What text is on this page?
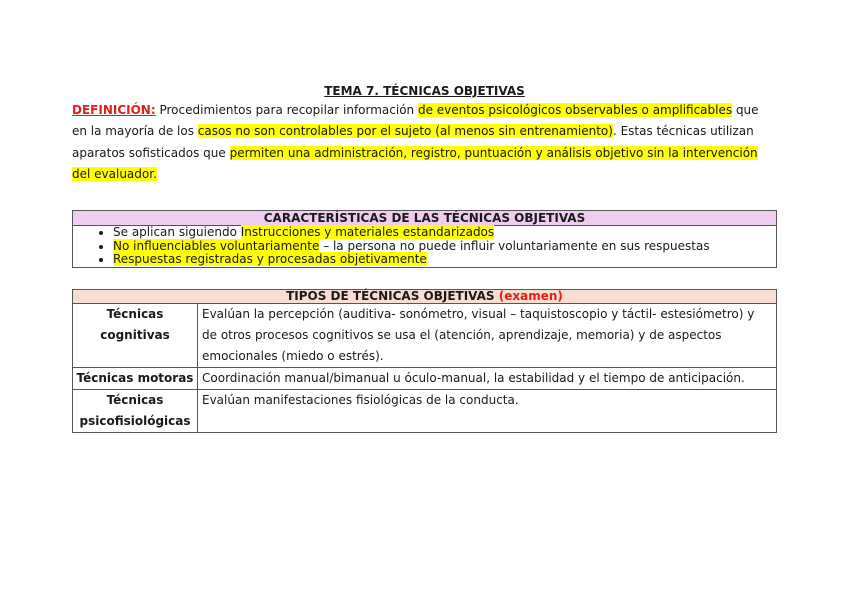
TEMA 7. TÉCNICAS OBJETIVAS

DEFINICIÓN: Procedimientos para recopilar información de eventos psicológicos observables o amplificables que en la mayoría de los casos no son controlables por el sujeto (al menos sin entrenamiento). Estas técnicas utilizan aparatos sofisticados que permiten una administración, registro, puntuación y análisis objetivo sin la intervención del evaluador.

CARACTERÍSTICAS DE LAS TÉCNICAS OBJETIVAS

• Se aplican siguiendo Instrucciones y materiales estandarizados
• No influenciables voluntariamente – la persona no puede influir voluntariamente en sus respuestas
• Respuestas registradas y procesadas objetivamente
TIPOS DE TÉCNICAS OBJETIVAS (examen)	
Técnicas cognitivas	Evalúan la percepción (auditiva- sonómetro, visual – taquistoscopio y táctil- estesiómetro) y de otros procesos cognitivos se usa el (atención, aprendizaje, memoria) y de aspectos emocionales (miedo o estrés).
Técnicas motoras	Coordinación manual/bimanual u óculo-manual, la estabilidad y el tiempo de anticipación.
Técnicas psicofisiológicas	Evalúan manifestaciones fisiológicas de la conducta.
